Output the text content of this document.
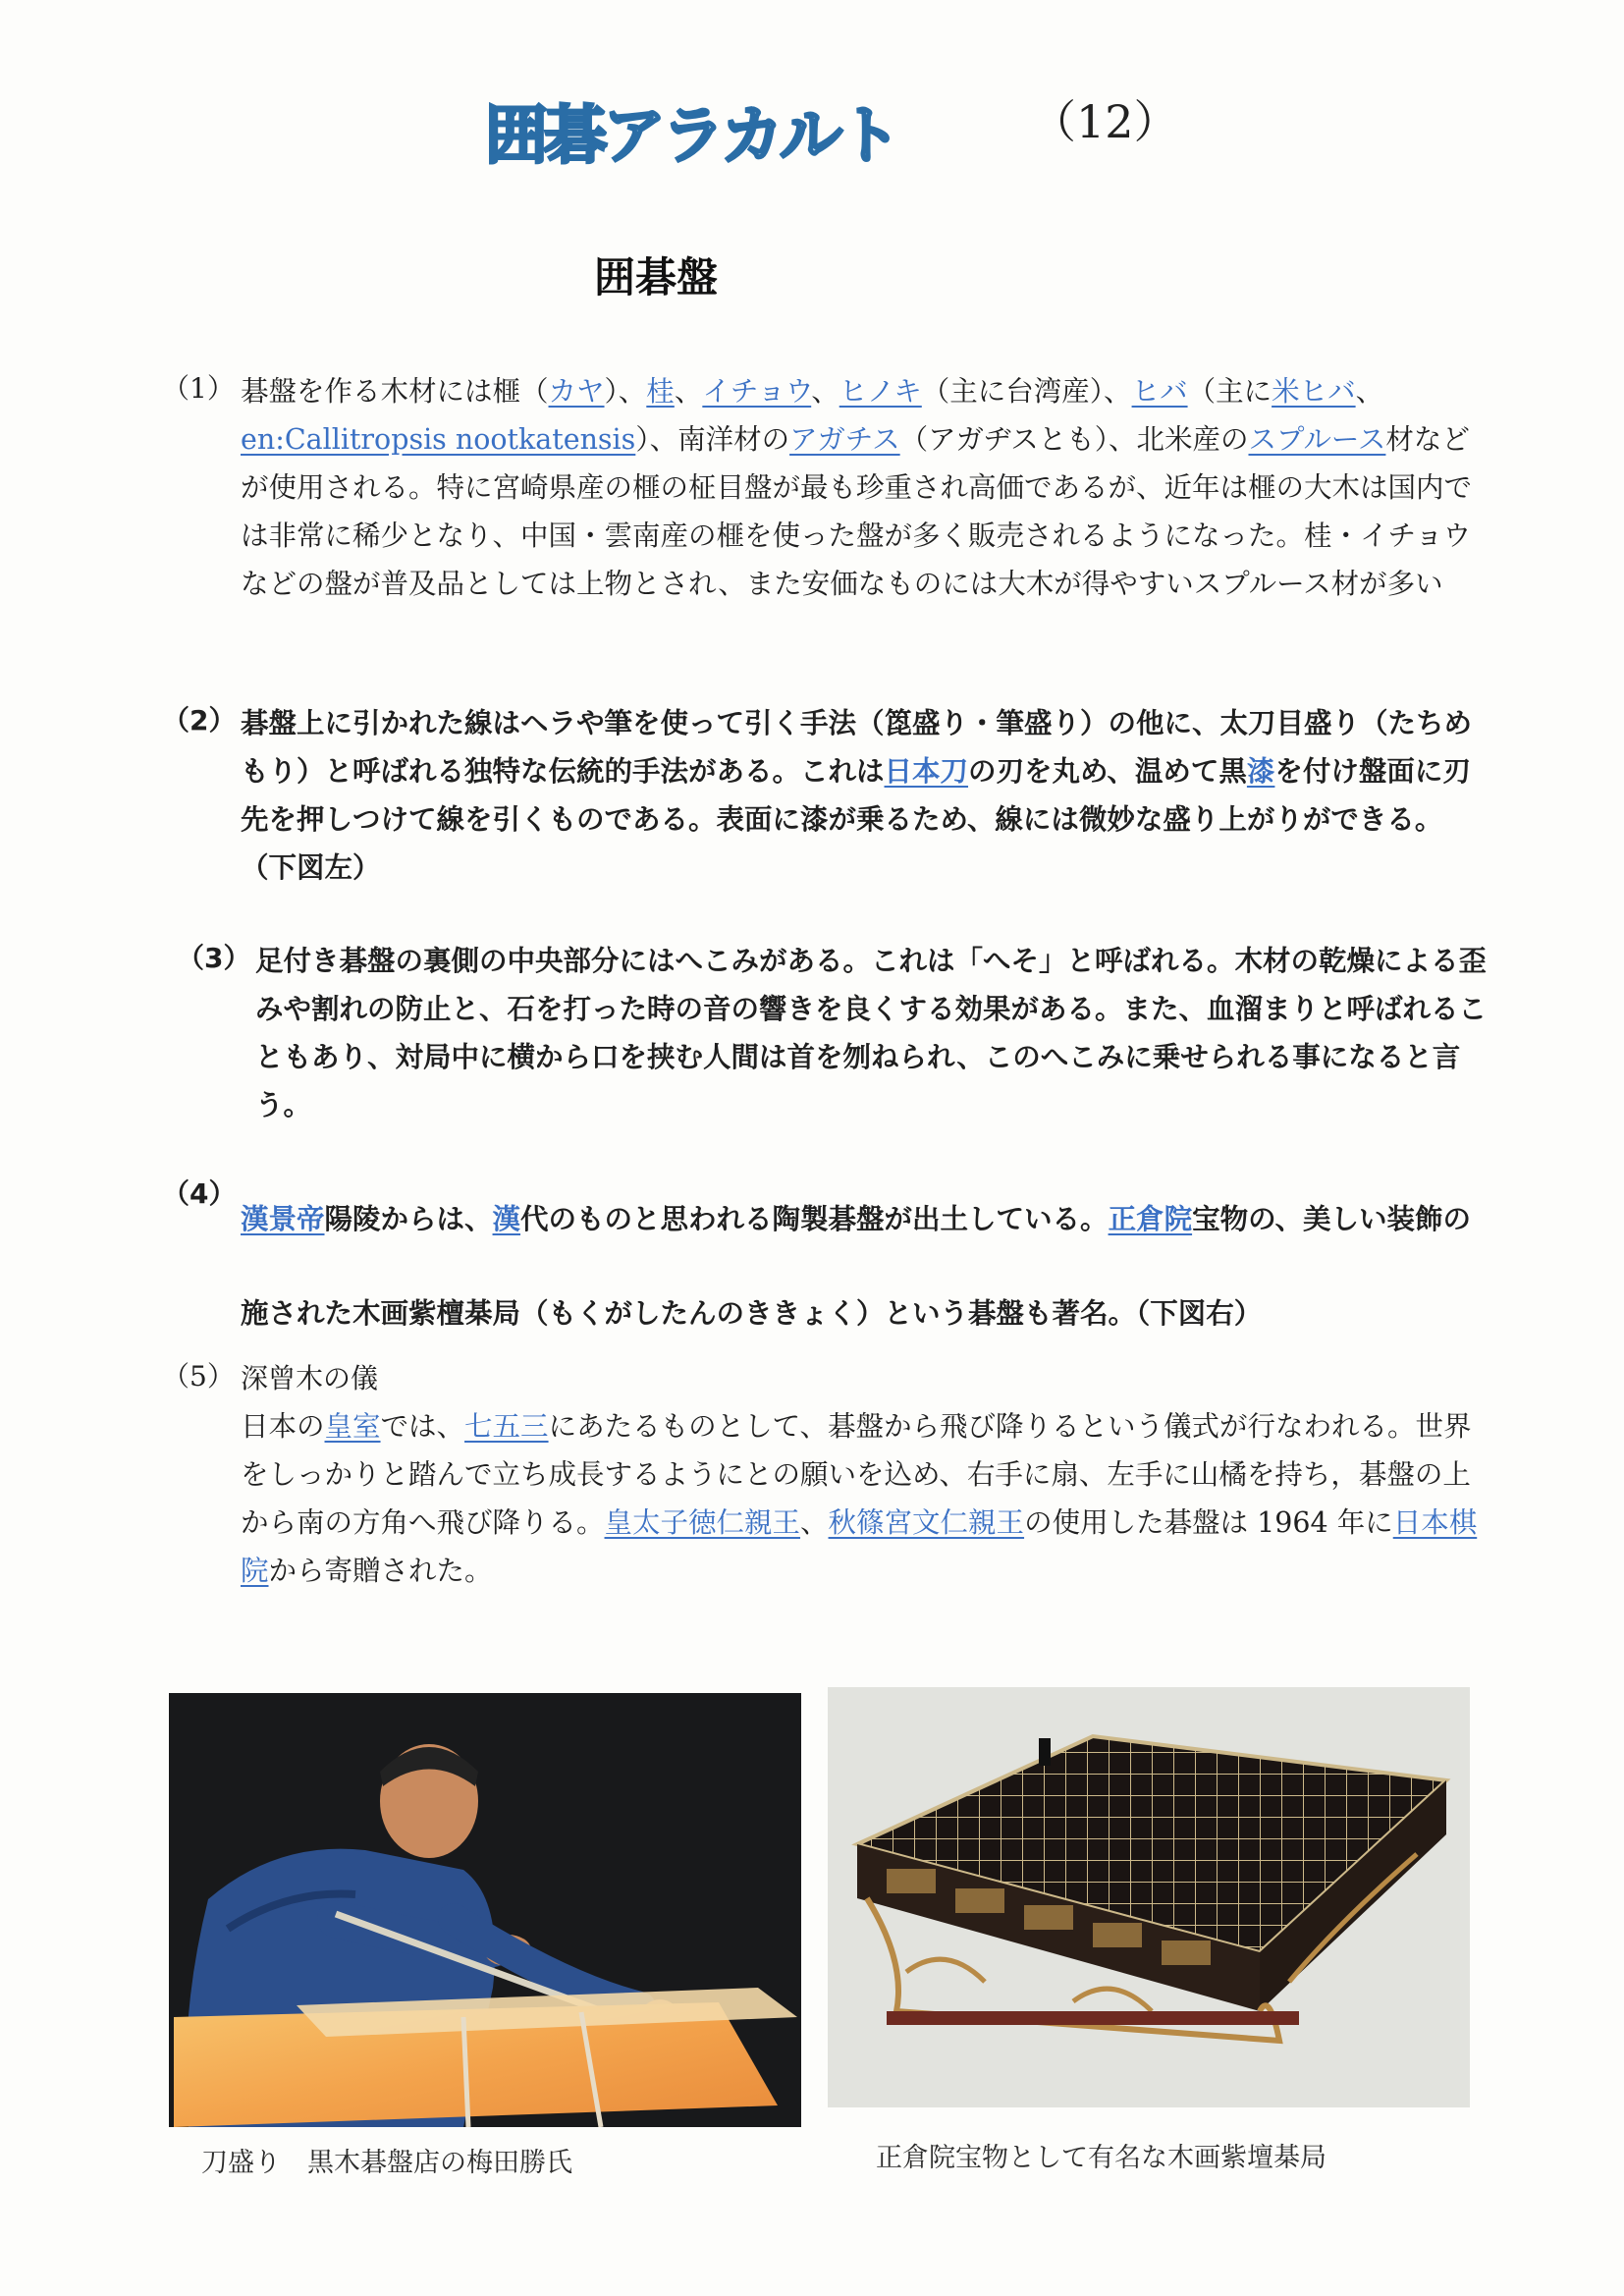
囲碁アラカルト	（12）
囲碁盤
（1） 碁盤を作る木材には榧（カヤ）、桂、イチョウ、ヒノキ（主に台湾産）、ヒバ（主に米ヒバ、en:Callitropsis nootkatensis）、南洋材のアガチス（アガヂスとも）、北米産のスプルース材などが使用される。特に宮崎県産の榧の柾目盤が最も珍重され高価であるが、近年は榧の大木は国内では非常に稀少となり、中国・雲南産の榧を使った盤が多く販売されるようになった。桂・イチョウなどの盤が普及品としては上物とされ、また安価なものには大木が得やすいスプルース材が多い
（2） 碁盤上に引かれた線はヘラや筆を使って引く手法（箆盛り・筆盛り）の他に、太刀目盛り（たちめもり）と呼ばれる独特な伝統的手法がある。これは日本刀の刃を丸め、温めて黒漆を付け盤面に刃先を押しつけて線を引くものである。表面に漆が乗るため、線には微妙な盛り上がりができる。（下図左）
（3） 足付き碁盤の裏側の中央部分にはへこみがある。これは「へそ」と呼ばれる。木材の乾燥による歪みや割れの防止と、石を打った時の音の響きを良くする効果がある。また、血溜まりと呼ばれることもあり、対局中に横から口を挟む人間は首を刎ねられ、このへこみに乗せられる事になると言う。
（4）
漢景帝陽陵からは、漢代のものと思われる陶製碁盤が出土している。正倉院宝物の、美しい装飾の施された木画紫檀棊局（もくがしたんのききょく）という碁盤も著名。（下図右）
（5） 深曾木の儀
日本の皇室では、七五三にあたるものとして、碁盤から飛び降りるという儀式が行なわれる。世界をしっかりと踏んで立ち成長するようにとの願いを込め、右手に扇、左手に山橘を持ち，碁盤の上から南の方角へ飛び降りる。皇太子徳仁親王、秋篠宮文仁親王の使用した碁盤は 1964 年に日本棋院から寄贈された。
刀盛り　黒木碁盤店の梅田勝氏	正倉院宝物として有名な木画紫壇棊局
